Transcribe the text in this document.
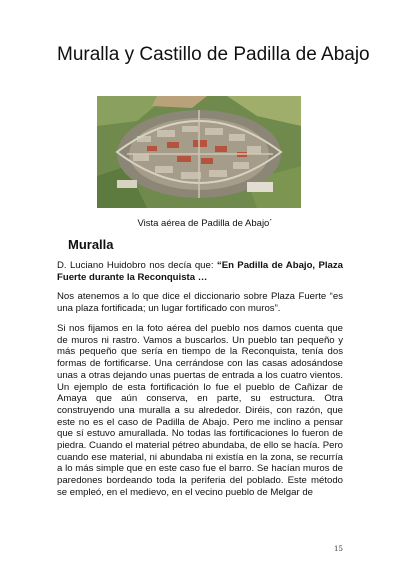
Muralla y Castillo de Padilla de Abajo
Vista aérea de Padilla de Abajo´
Muralla

D. Luciano Huidobro nos decía que: “En Padilla de Abajo, Plaza Fuerte durante la Reconquista …

Nos atenemos a lo que dice el diccionario sobre Plaza Fuerte “es una plaza fortificada; un lugar fortificado con muros”.

Si nos fijamos en la foto aérea del pueblo nos damos cuenta que de muros ni rastro. Vamos a buscarlos. Un pueblo tan pequeño y más pequeño que sería en tiempo de la Reconquista, tenía dos formas de fortificarse. Una cerrándose con las casas adosándose unas a otras dejando unas puertas de entrada a los cuatro vientos. Un ejemplo de esta fortificación lo fue el pueblo de Cañizar de Amaya que aún conserva, en parte, su estructura. Otra construyendo una muralla a su alrededor. Diréis, con razón, que este no es el caso de Padilla de Abajo. Pero me inclino a pensar que sí estuvo amurallada. No todas las fortificaciones lo fueron de piedra. Cuando el material pétreo abundaba, de ello se hacía. Pero cuando ese material, ni abundaba ni existía en la zona, se recurría a lo más simple que en este caso fue el barro. Se hacían muros de paredones bordeando toda la periferia del poblado. Este método se empleó, en el medievo, en el vecino pueblo de Melgar de

15
